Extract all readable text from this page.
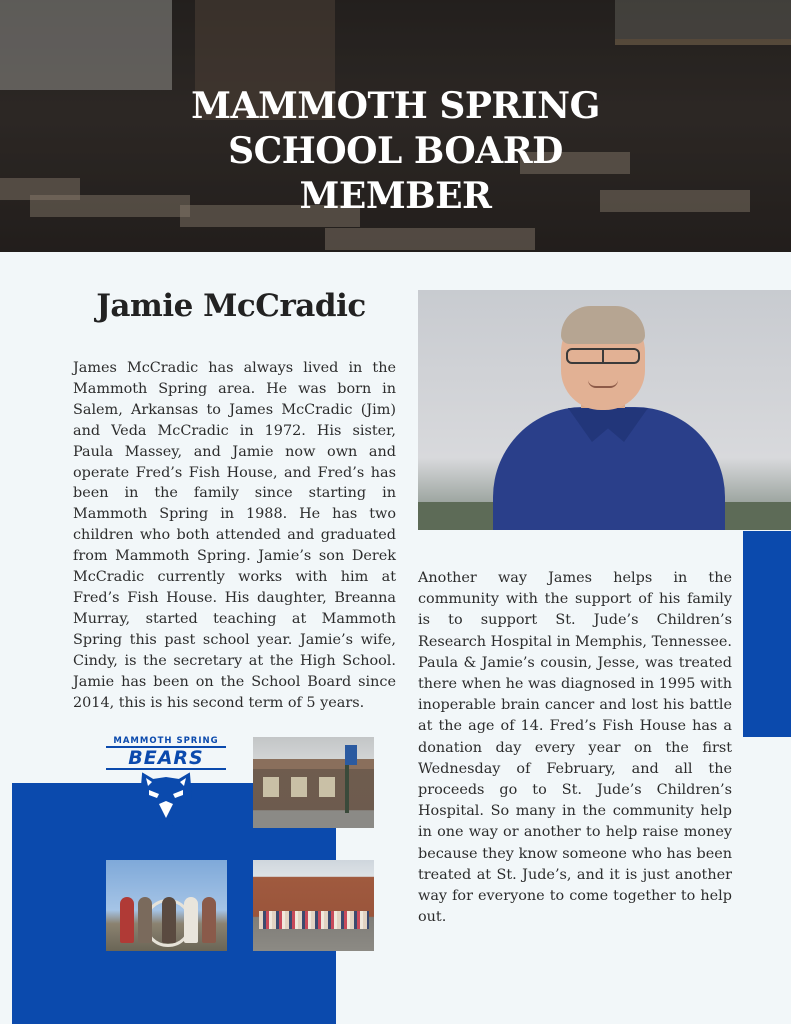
MAMMOTH SPRING
SCHOOL BOARD
MEMBER
Jamie McCradic

James McCradic has always lived in the Mammoth Spring area. He was born in Salem, Arkansas to James McCradic (Jim) and Veda McCradic in 1972. His sister, Paula Massey, and Jamie now own and operate Fred’s Fish House, and Fred’s has been in the family since starting in Mammoth Spring in 1988. He has two children who both attended and graduated from Mammoth Spring. Jamie’s son Derek McCradic currently works with him at Fred’s Fish House. His daughter, Breanna Murray, started teaching at Mammoth Spring this past school year. Jamie’s wife, Cindy, is the secretary at the High School. Jamie has been on the School Board since 2014, this is his second term of 5 years.

Another way James helps in the community with the support of his family is to support St. Jude’s Children’s Research Hospital in Memphis, Tennessee. Paula & Jamie’s cousin, Jesse, was treated there when he was diagnosed in 1995 with inoperable brain cancer and lost his battle at the age of 14. Fred’s Fish House has a donation day every year on the first Wednesday of February, and all the proceeds go to St. Jude’s Children’s Hospital. So many in the community help in one way or another to help raise money because they know someone who has been treated at St. Jude’s, and it is just another way for everyone to come together to help out.

MAMMOTH SPRING
BEARS
